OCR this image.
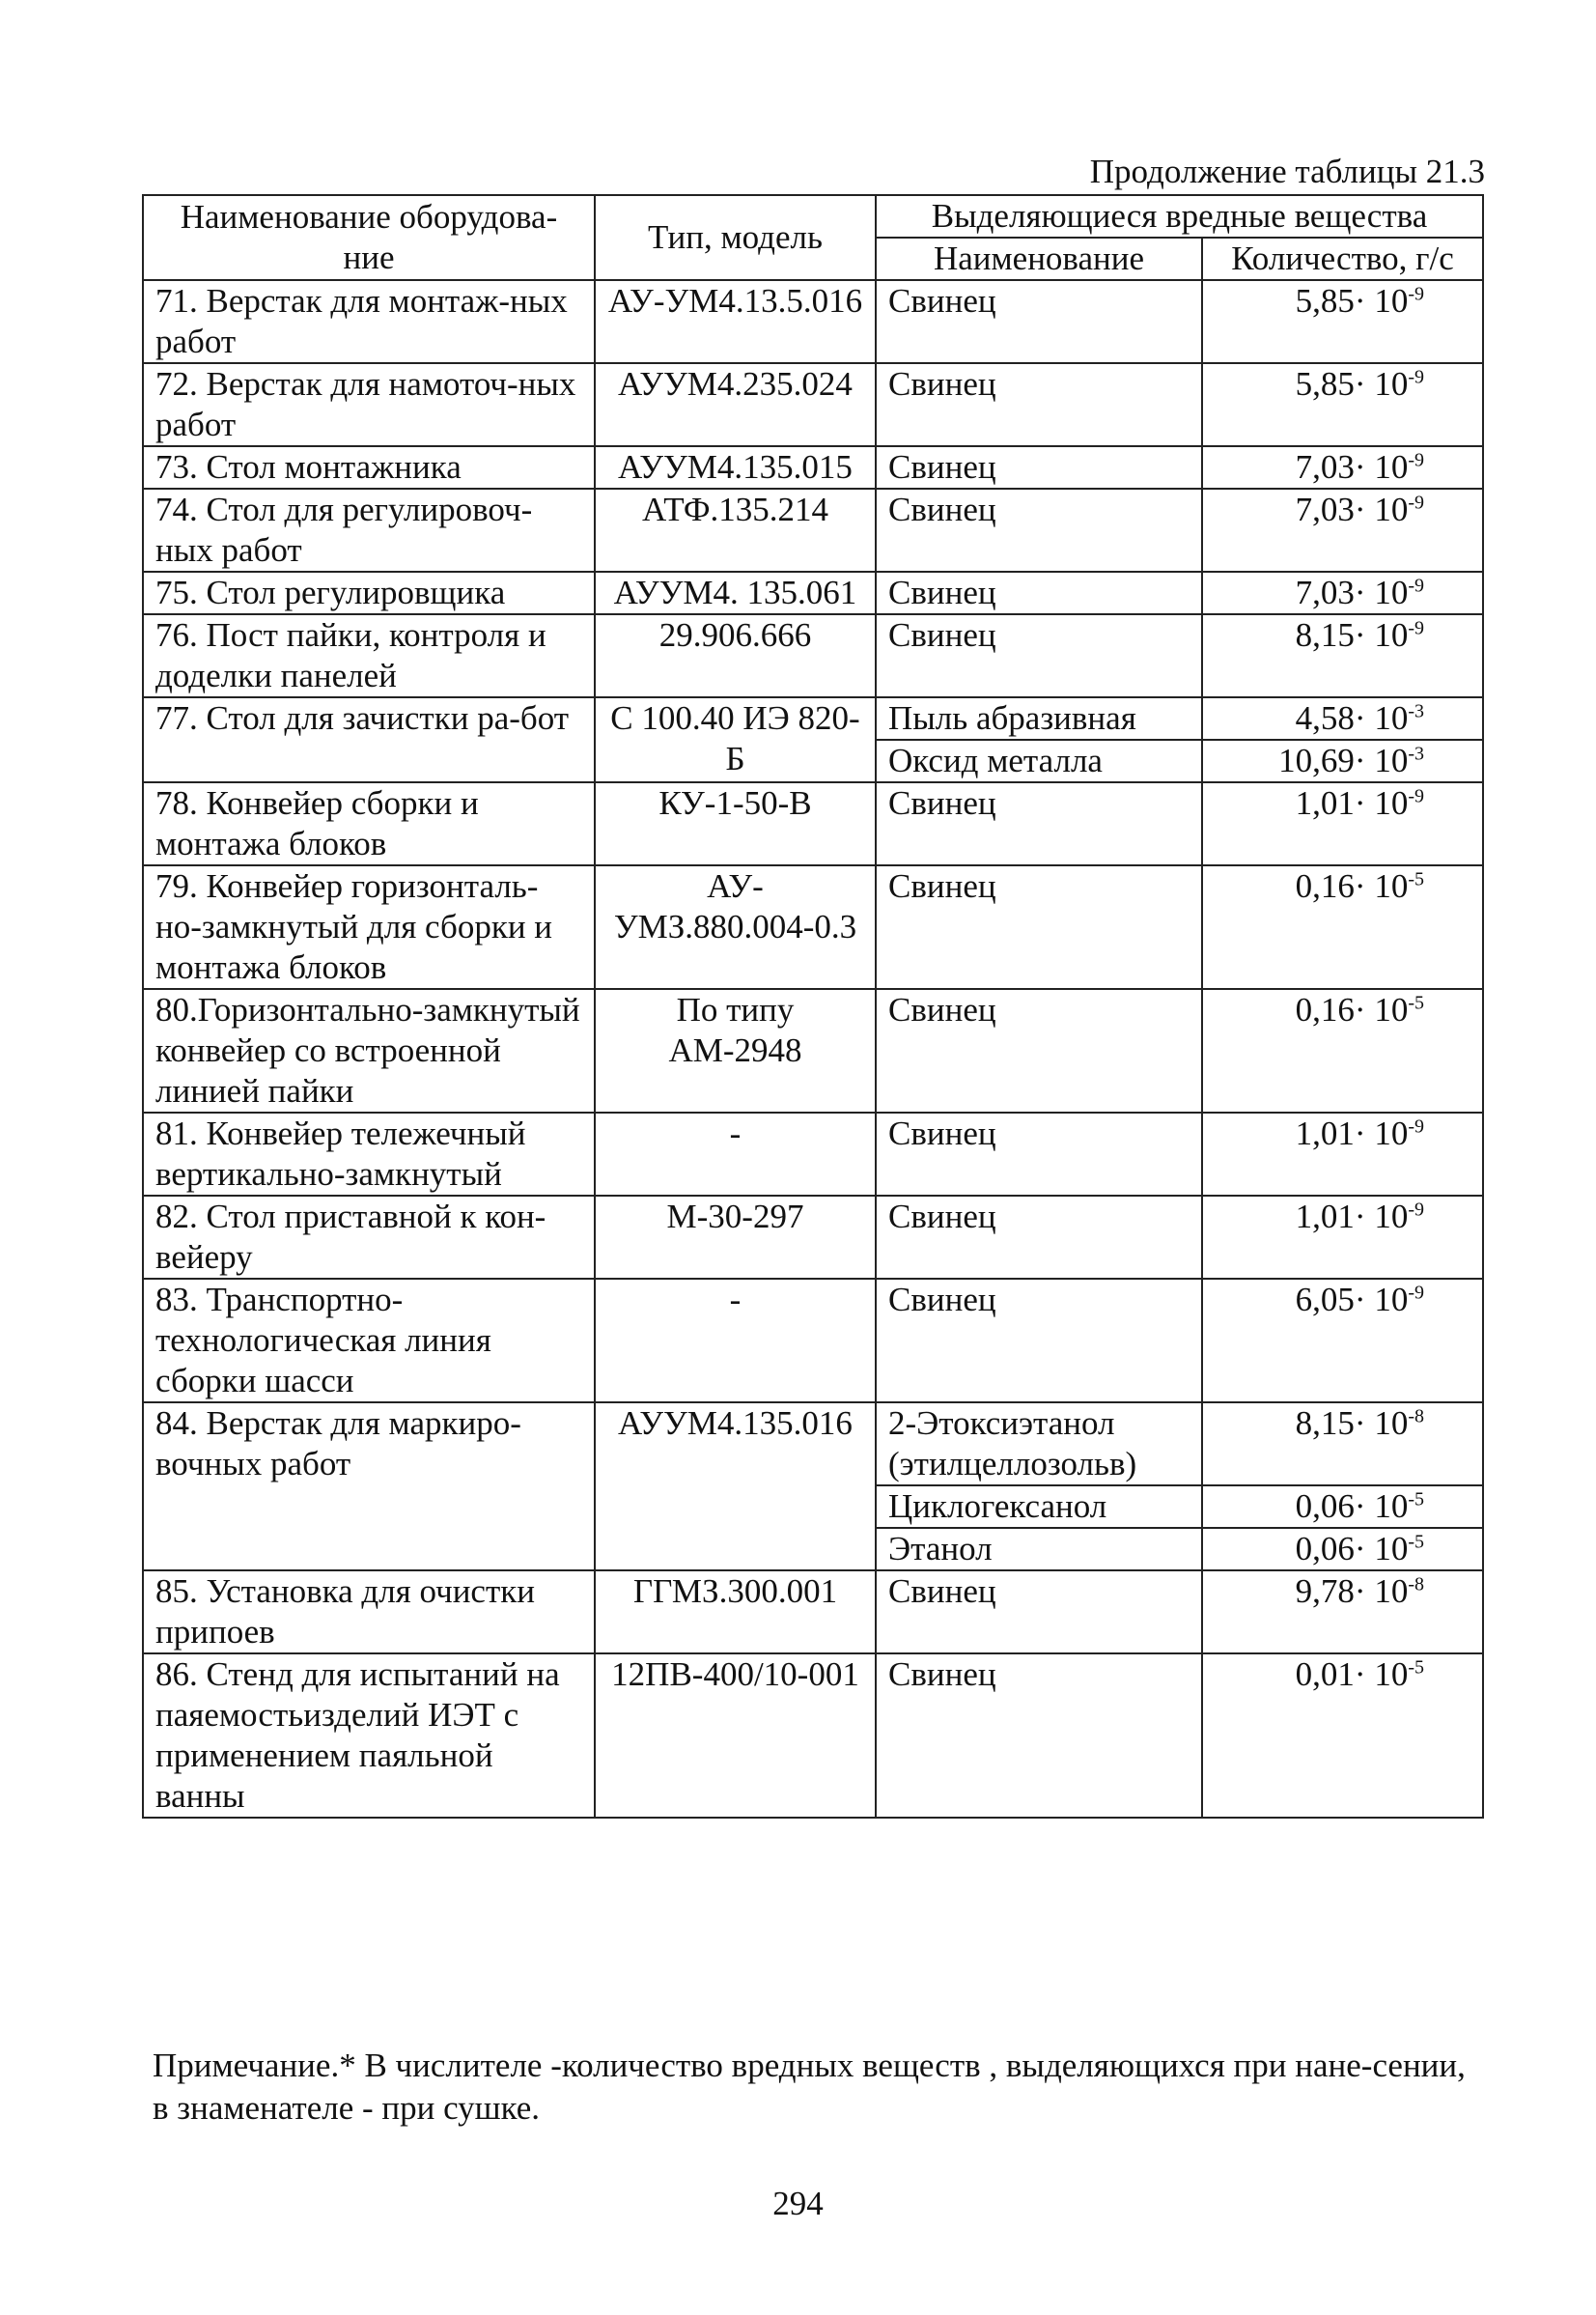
Продолжение таблицы 21.3
Наименование оборудова-ние	Тип, модель	Выделяющиеся вредные вещества	
		Наименование	Количество, г/с
71. Верстак для монтаж-ных работ	АУ-УМ4.13.5.016	Свинец	$5,85\cdot 10^{-9}$
72. Верстак для намоточ-ных работ	АУУМ4.235.024	Свинец	$5,85\cdot 10^{-9}$
73. Стол монтажника	АУУМ4.135.015	Свинец	$7,03\cdot 10^{-9}$
74. Стол для регулировоч-ных работ	АТФ.135.214	Свинец	$7,03\cdot 10^{-9}$
75. Стол регулировщика	АУУМ4. 135.061	Свинец	$7,03\cdot 10^{-9}$
76. Пост пайки, контроля и доделки панелей	29.906.666	Свинец	$8,15\cdot 10^{-9}$
77. Стол для зачистки ра-бот	С 100.40 ИЭ 820-Б	Пыль абразивная	$4,58\cdot 10^{-3}$
		Оксид металла	$10,69\cdot 10^{-3}$
78. Конвейер сборки и монтажа блоков	КУ-1-50-В	Свинец	$1,01\cdot 10^{-9}$
79. Конвейер горизонталь-но-замкнутый для сборки и монтажа блоков	АУ-УМЗ.880.004-0.3	Свинец	$0,16\cdot 10^{-5}$
80.Горизонтально-замкнутый конвейер со встроенной линией пайки	По типу АМ-2948	Свинец	$0,16\cdot 10^{-5}$
81. Конвейер тележечный вертикально-замкнутый	-	Свинец	$1,01\cdot 10^{-9}$
82. Стол приставной к кон-вейеру	М-30-297	Свинец	$1,01\cdot 10^{-9}$
83. Транспортно-технологическая линия сборки шасси	-	Свинец	$6,05\cdot 10^{-9}$
84. Верстак для маркиро-вочных работ	АУУМ4.135.016	2-Этоксиэтанол (этилцеллозольв)	$8,15\cdot 10^{-8}$
		Циклогексанол	$0,06\cdot 10^{-5}$
		Этанол	$0,06\cdot 10^{-5}$
85. Установка для очистки припоев	ГГМЗ.300.001	Свинец	$9,78\cdot 10^{-8}$
86. Стенд для испытаний на паяемостьизделий ИЭТ с применением паяльной ванны	12ПВ-400/10-001	Свинец	$0,01\cdot 10^{-5}$
Примечание.* В числителе -количество вредных веществ , выделяющихся при нане-сении, в знаменателе - при сушке.
294
